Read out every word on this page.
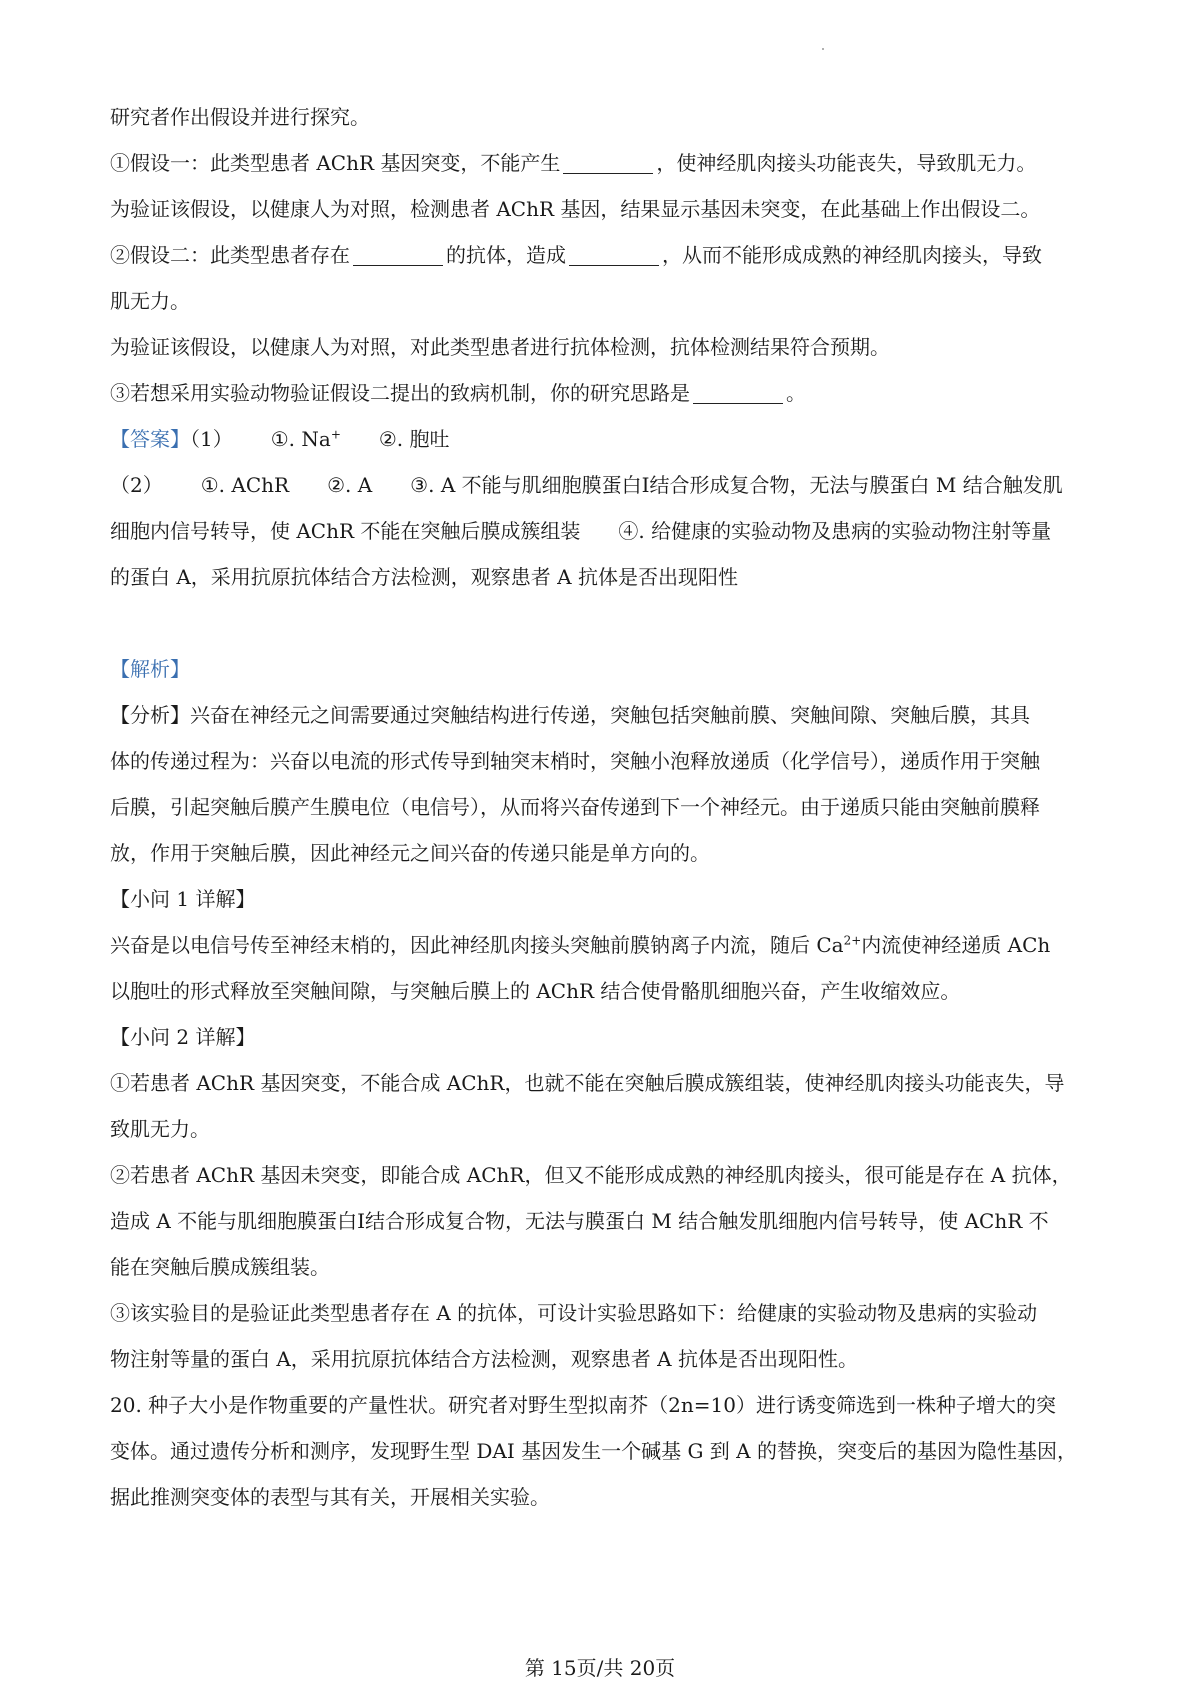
研究者作出假设并进行探究。

①假设一：此类型患者 AChR 基因突变，不能产生	，使神经肌肉接头功能丧失，导致肌无力。

为验证该假设，以健康人为对照，检测患者 AChR 基因，结果显示基因未突变，在此基础上作出假设二。

②假设二：此类型患者存在	的抗体，造成	，从而不能形成成熟的神经肌肉接头，导致

肌无力。

为验证该假设，以健康人为对照，对此类型患者进行抗体检测，抗体检测结果符合预期。

③若想采用实验动物验证假设二提出的致病机制，你的研究思路是	。

【答案】（1） ①. Na+ ②. 胞吐

（2） ①. AChR ②. A ③. A 不能与肌细胞膜蛋白I结合形成复合物，无法与膜蛋白 M 结合触发肌

细胞内信号转导，使 AChR 不能在突触后膜成簇组装 ④. 给健康的实验动物及患病的实验动物注射等量

的蛋白 A，采用抗原抗体结合方法检测，观察患者 A 抗体是否出现阳性

【解析】

【分析】兴奋在神经元之间需要通过突触结构进行传递，突触包括突触前膜、突触间隙、突触后膜，其具

体的传递过程为：兴奋以电流的形式传导到轴突末梢时，突触小泡释放递质（化学信号），递质作用于突触

后膜，引起突触后膜产生膜电位（电信号），从而将兴奋传递到下一个神经元。由于递质只能由突触前膜释

放，作用于突触后膜，因此神经元之间兴奋的传递只能是单方向的。

【小问 1 详解】

兴奋是以电信号传至神经末梢的，因此神经肌肉接头突触前膜钠离子内流，随后 $Ca^{2+}$内流使神经递质 ACh

以胞吐的形式释放至突触间隙，与突触后膜上的 AChR 结合使骨骼肌细胞兴奋，产生收缩效应。

【小问 2 详解】

①若患者 AChR 基因突变，不能合成 AChR，也就不能在突触后膜成簇组装，使神经肌肉接头功能丧失，导

致肌无力。

②若患者 AChR 基因未突变，即能合成 AChR，但又不能形成成熟的神经肌肉接头，很可能是存在 A 抗体，

造成 A 不能与肌细胞膜蛋白I结合形成复合物，无法与膜蛋白 M 结合触发肌细胞内信号转导，使 AChR 不

能在突触后膜成簇组装。

③该实验目的是验证此类型患者存在 A 的抗体，可设计实验思路如下：给健康的实验动物及患病的实验动

物注射等量的蛋白 A，采用抗原抗体结合方法检测，观察患者 A 抗体是否出现阳性。

20. 种子大小是作物重要的产量性状。研究者对野生型拟南芥（2n=10）进行诱变筛选到一株种子增大的突

变体。通过遗传分析和测序，发现野生型 DAI 基因发生一个碱基 G 到 A 的替换，突变后的基因为隐性基因，

据此推测突变体的表型与其有关，开展相关实验。

第 15页/共 20页
